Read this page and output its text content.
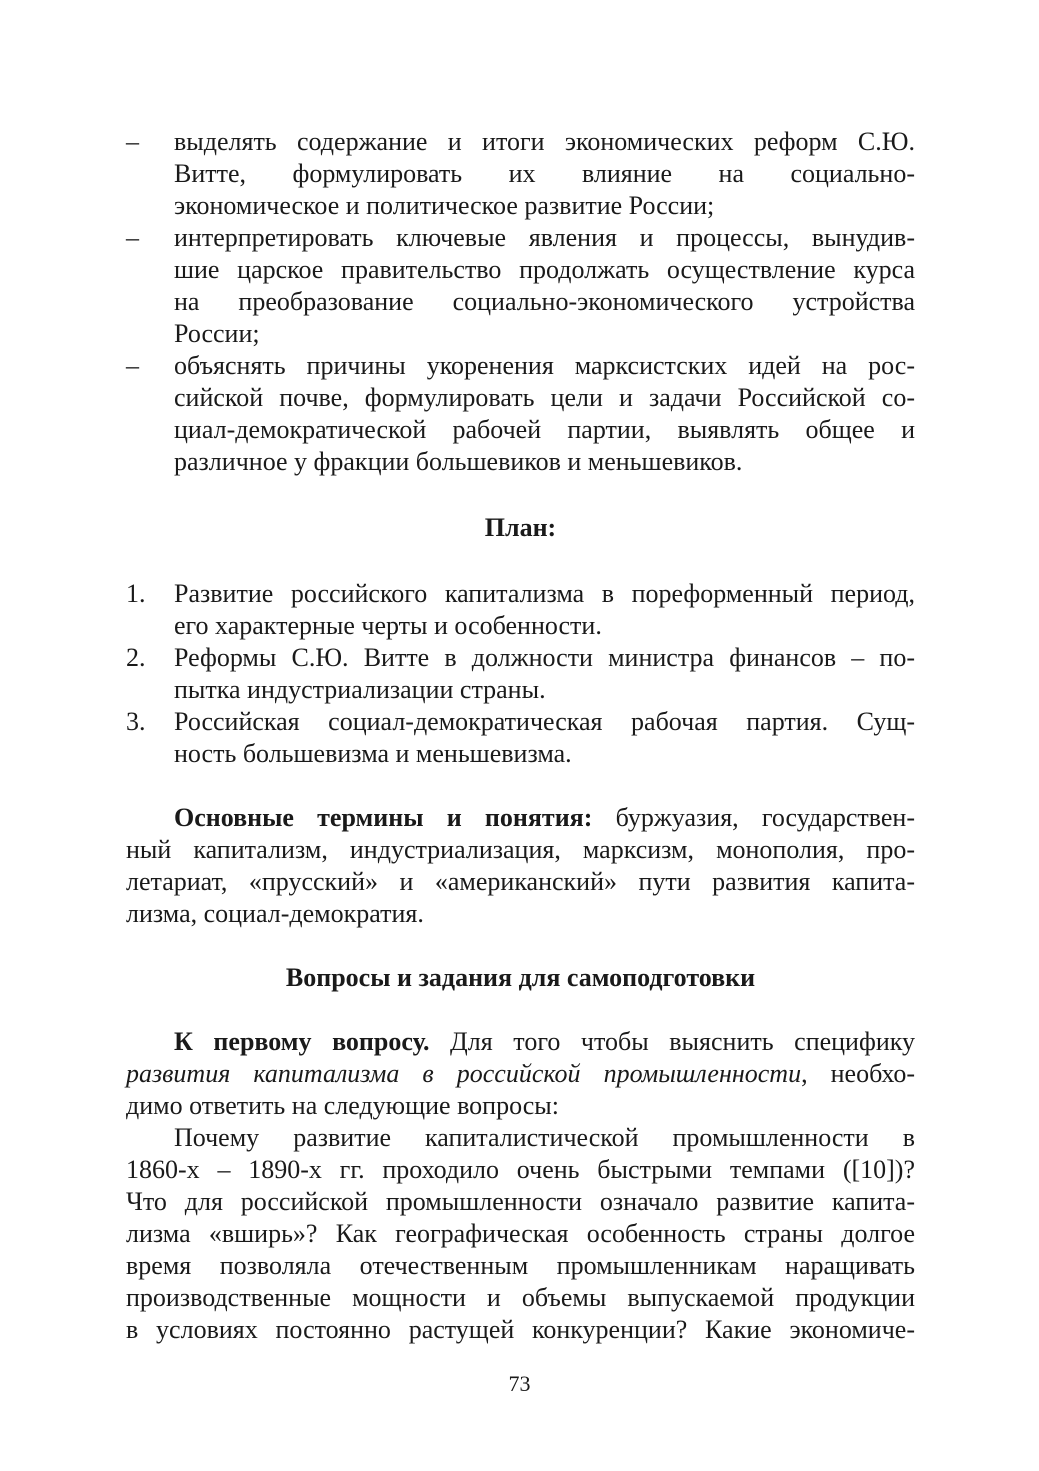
– выделять содержание и итоги экономических реформ С.Ю.
Витте, формулировать их влияние на социально-
экономическое и политическое развитие России;
– интерпретировать ключевые явления и процессы, вынудив-
шие царское правительство продолжать осуществление курса
на преобразование социально-экономического устройства
России;
– объяснять причины укоренения марксистских идей на рос-
сийской почве, формулировать цели и задачи Российской со-
циал-демократической рабочей партии, выявлять общее и
различное у фракции большевиков и меньшевиков.
План:
1. Развитие российского капитализма в пореформенный период,
его характерные черты и особенности.
2. Реформы С.Ю. Витте в должности министра финансов – по-
пытка индустриализации страны.
3. Российская социал-демократическая рабочая партия. Сущ-
ность большевизма и меньшевизма.
Основные термины и понятия: буржуазия, государствен-
ный капитализм, индустриализация, марксизм, монополия, про-
летариат, «прусский» и «американский» пути развития капита-
лизма, социал-демократия.
Вопросы и задания для самоподготовки
К первому вопросу. Для того чтобы выяснить специфику
развития капитализма в российской промышленности, необхо-
димо ответить на следующие вопросы:
Почему развитие капиталистической промышленности в
1860-х – 1890-х гг. проходило очень быстрыми темпами ([10])?
Что для российской промышленности означало развитие капита-
лизма «вширь»? Как географическая особенность страны долгое
время позволяла отечественным промышленникам наращивать
производственные мощности и объемы выпускаемой продукции
в условиях постоянно растущей конкуренции? Какие экономиче-
73
